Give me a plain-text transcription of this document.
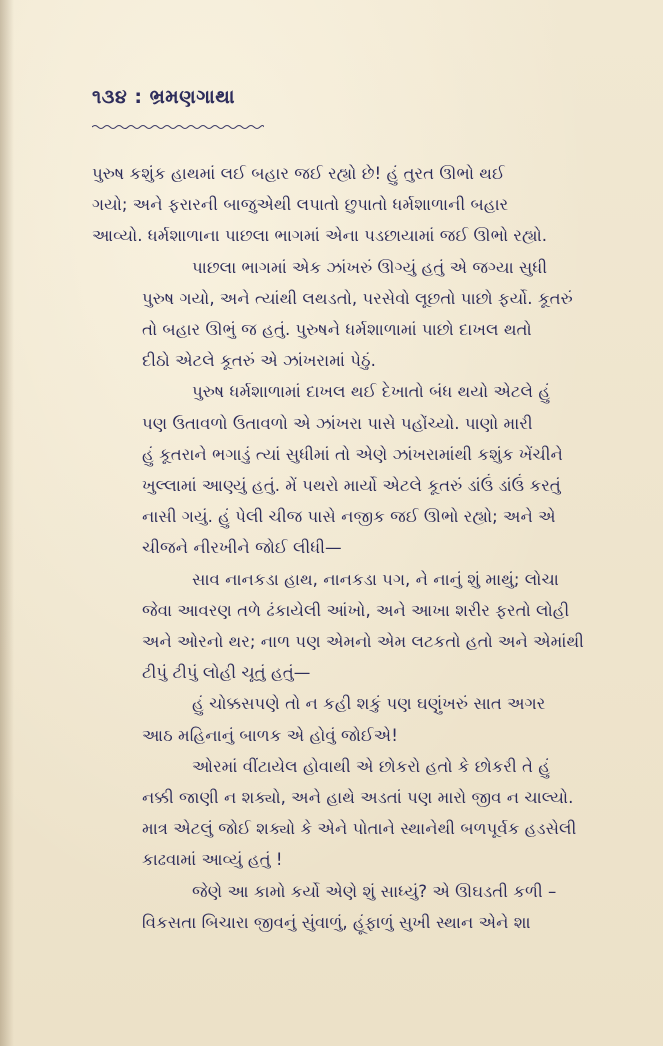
૧૩૪ : ભ્રમણગાથા

પુરુષ કશુંક હાથમાં લઈ બહાર જઈ રહ્યો છે! હું તુરત ઊભો થઈ
ગયો; અને ફરારની બાજુએથી લપાતો છુપાતો ધર્મશાળાની બહાર
આવ્યો. ધર્મશાળાના પાછલા ભાગમાં એના પડછાયામાં જઈ ઊભો રહ્યો.

પાછલા ભાગમાં એક ઝાંખરું ઊગ્યું હતું એ જગ્યા સુધી
પુરુષ ગયો, અને ત્યાંથી લથડતો, પરસેવો લૂછતો પાછો ફર્યો. કૂતરું
તો બહાર ઊભું જ હતું. પુરુષને ધર્મશાળામાં પાછો દાખલ થતો
દીઠો એટલે કૂતરું એ ઝાંખરામાં પેઠું.

પુરુષ ધર્મશાળામાં દાખલ થઈ દેખાતો બંધ થયો એટલે હું
પણ ઉતાવળો ઉતાવળો એ ઝાંખરા પાસે પહોંચ્યો. પાણો મારી
હું કૂતરાને ભગાડું ત્યાં સુધીમાં તો એણે ઝાંખરામાંથી કશુંક ખેંચીને
ખુલ્લામાં આણ્યું હતું. મેં પથરો માર્યો એટલે કૂતરું ડાંઉં ડાંઉં કરતું
નાસી ગયું. હું પેલી ચીજ પાસે નજીક જઈ ઊભો રહ્યો; અને એ
ચીજને નીરખીને જોઈ લીધી—

સાવ નાનકડા હાથ, નાનકડા પગ, ને નાનું શું માથું; લોચા
જેવા આવરણ તળે ઢંકાયેલી આંખો, અને આખા શરીર ફરતો લોહી
અને ઓરનો થર; નાળ પણ એમનો એમ લટકતો હતો અને એમાંથી
ટીપું ટીપું લોહી ચૂતું હતું—

હું ચોક્કસપણે તો ન કહી શકું પણ ઘણુંખરું સાત અગર
આઠ મહિનાનું બાળક એ હોવું જોઈએ!

ઓરમાં વીંટાયેલ હોવાથી એ છોકરો હતો કે છોકરી તે હું
નક્કી જાણી ન શક્યો, અને હાથે અડતાં પણ મારો જીવ ન ચાલ્યો.
માત્ર એટલું જોઈ શક્યો કે એને પોતાને સ્થાનેથી બળપૂર્વક હડસેલી
કાઢવામાં આવ્યું હતું !

જેણે આ કામો કર્યો એણે શું સાધ્યું? એ ઊઘડતી કળી –
વિકસતા બિચારા જીવનું સુંવાળું, હૂંફાળું સુખી સ્થાન એને શા
